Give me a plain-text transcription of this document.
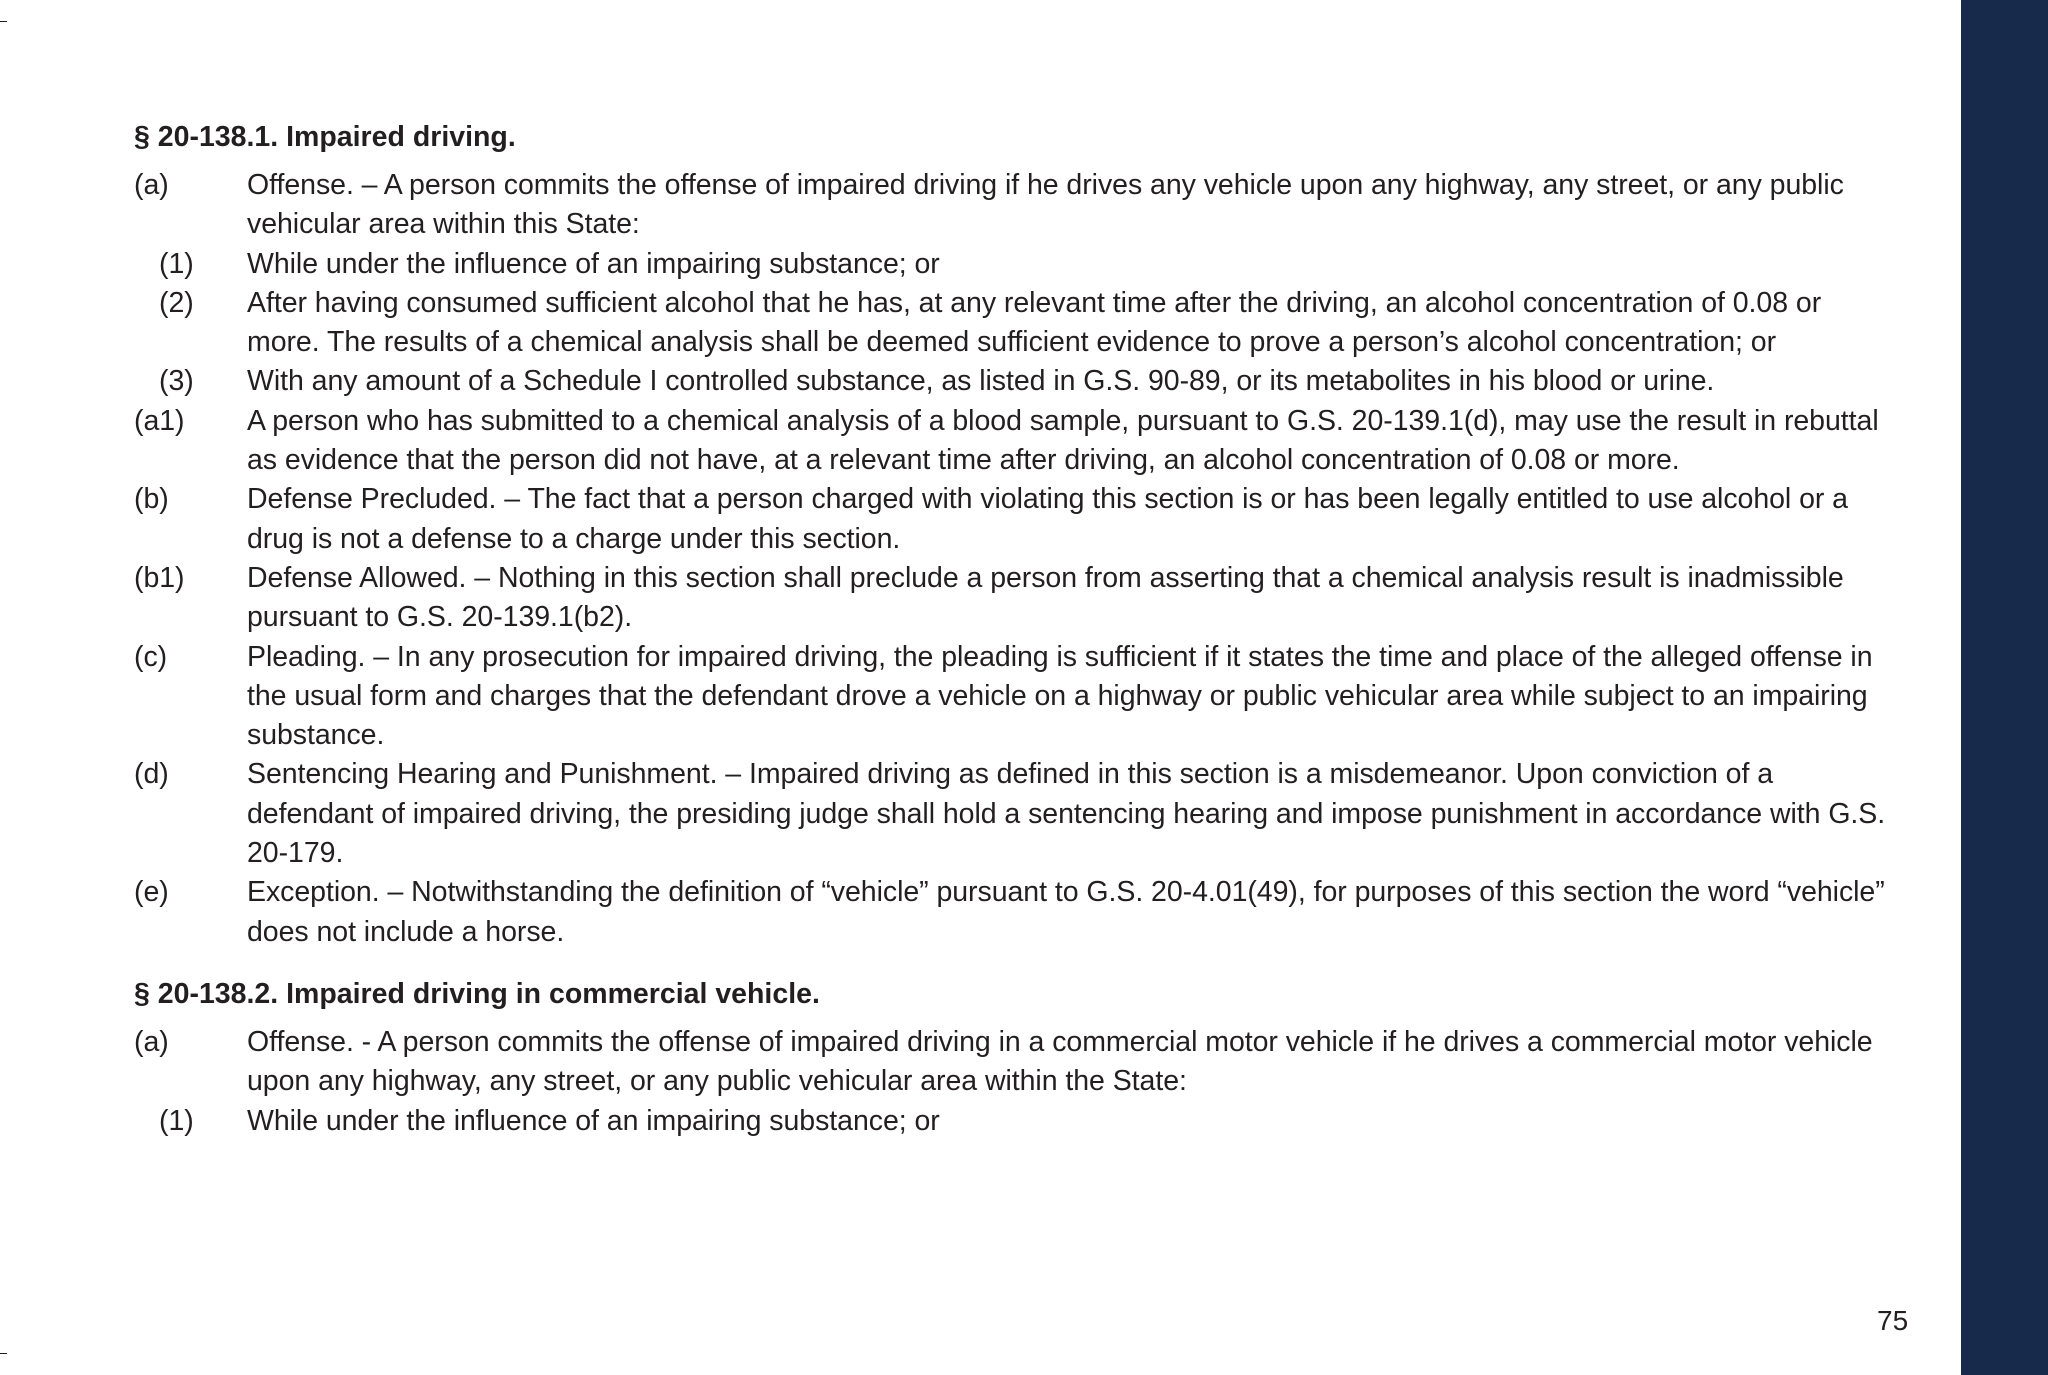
§ 20-138.1. Impaired driving.
(a)	Offense. – A person commits the offense of impaired driving if he drives any vehicle upon any highway, any street, or any public vehicular area within this State:
(1) While under the influence of an impairing substance; or
(2) After having consumed sufficient alcohol that he has, at any relevant time after the driving, an alcohol concentration of 0.08 or more. The results of a chemical analysis shall be deemed sufficient evidence to prove a person’s alcohol concentration; or
(3) With any amount of a Schedule I controlled substance, as listed in G.S. 90-89, or its metabolites in his blood or urine.
(a1) A person who has submitted to a chemical analysis of a blood sample, pursuant to G.S. 20-139.1(d), may use the result in rebuttal as evidence that the person did not have, at a relevant time after driving, an alcohol concentration of 0.08 or more.
(b)	Defense Precluded. – The fact that a person charged with violating this section is or has been legally entitled to use alcohol or a drug is not a defense to a charge under this section.
(b1) Defense Allowed. – Nothing in this section shall preclude a person from asserting that a chemical analysis result is inadmissible pursuant to G.S. 20-139.1(b2).
(c)	Pleading. – In any prosecution for impaired driving, the pleading is sufficient if it states the time and place of the alleged offense in the usual form and charges that the defendant drove a vehicle on a highway or public vehicular area while subject to an impairing substance.
(d)	Sentencing Hearing and Punishment. – Impaired driving as defined in this section is a misdemeanor. Upon conviction of a defendant of impaired driving, the presiding judge shall hold a sentencing hearing and impose punishment in accordance with G.S. 20-179.
(e)	Exception. – Notwithstanding the definition of “vehicle” pursuant to G.S. 20-4.01(49), for purposes of this section the word “vehicle” does not include a horse.
§ 20-138.2. Impaired driving in commercial vehicle.
(a)	Offense. - A person commits the offense of impaired driving in a commercial motor vehicle if he drives a commercial motor vehicle upon any highway, any street, or any public vehicular area within the State:
(1) While under the influence of an impairing substance; or
75
